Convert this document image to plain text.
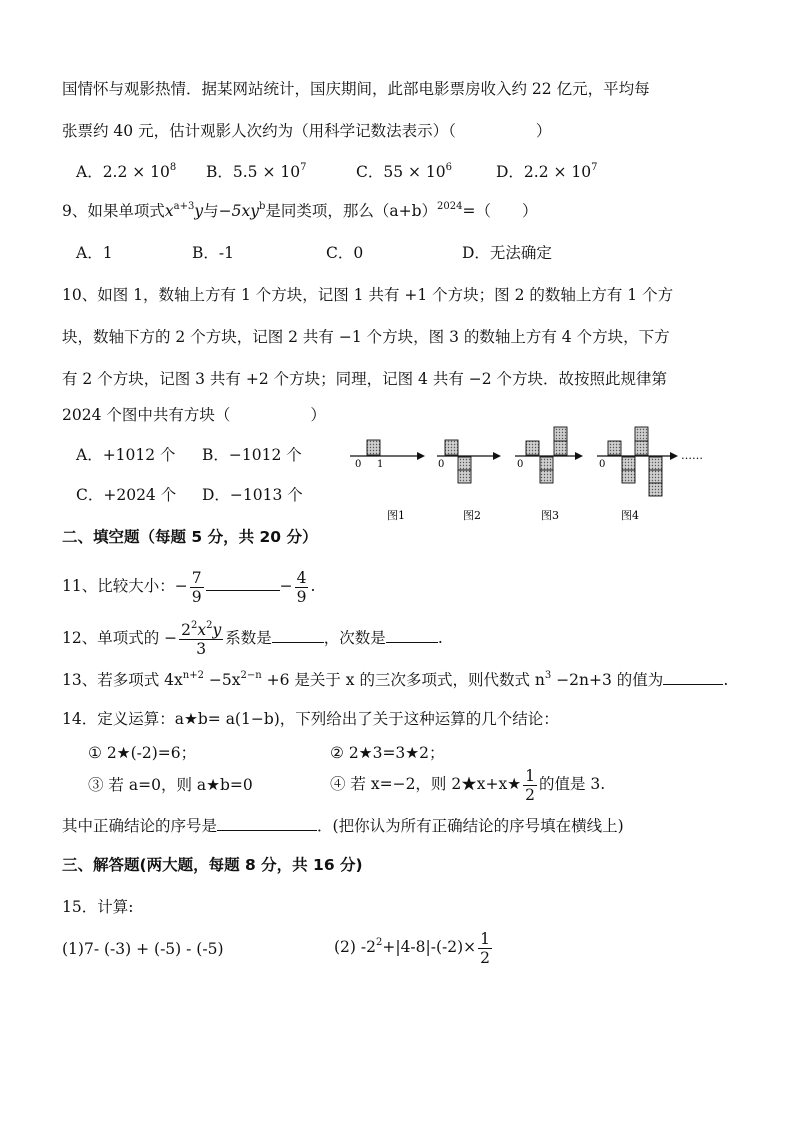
国情怀与观影热情．据某网站统计，国庆期间，此部电影票房收入约 22 亿元，平均每
张票约 40 元，估计观影人次约为（用科学记数法表示）（	）
A．$2.2 \times 10^8$ B．$5.5 \times 10^7$	C．$55 \times 10^6$	D．$2.2 \times 10^7$
9、如果单项式$x^{a+3}y$与$-5xy^b$是同类项，那么$(a+b)^{2024}=$（　　）
A．1	B．-1	C．0	D．无法确定
10、如图 1，数轴上方有 1 个方块，记图 1 共有 +1 个方块；图 2 的数轴上方有 1 个方
块，数轴下方的 2 个方块，记图 2 共有 −1 个方块，图 3 的数轴上方有 4 个方块，下方
有 2 个方块，记图 3 共有 +2 个方块；同理，记图 4 共有 −2 个方块．故按照此规律第
2024 个图中共有方块（	）
A．+1012 个 B．−1012 个
C．+2024 个 D．−1013 个
0 1
图1
0
图2
0
图3
0
……
图4
二、填空题（每题 5 分，共 20 分）
11、比较大小：− $\frac{7}{9}$	− $\frac{4}{9}$ .
12、单项式的 − $\frac{2^2x^2y}{3}$ 系数是	，次数是	.
13、若多项式 $4x^{n+2} -5x^{2-n} +6$ 是关于 x 的三次多项式，则代数式 $n^3 -2n+3$ 的值为	.
14．定义运算：a★b= a(1−b)，下列给出了关于这种运算的几个结论：
① 2★(-2)=6；	② 2★3=3★2；
③ 若 a=0，则 a★b=0	④ 若 x=−2，则 2★x+x★ $\frac{1}{2}$ 的值是 3.
其中正确结论的序号是	．(把你认为所有正确结论的序号填在横线上)
三、解答题(两大题，每题 8 分，共 16 分)
15．计算:
(1)7- (-3) + (-5) - (-5)	(2) $-2^2+|4-8|-(-2)\times \frac{1}{2}$
